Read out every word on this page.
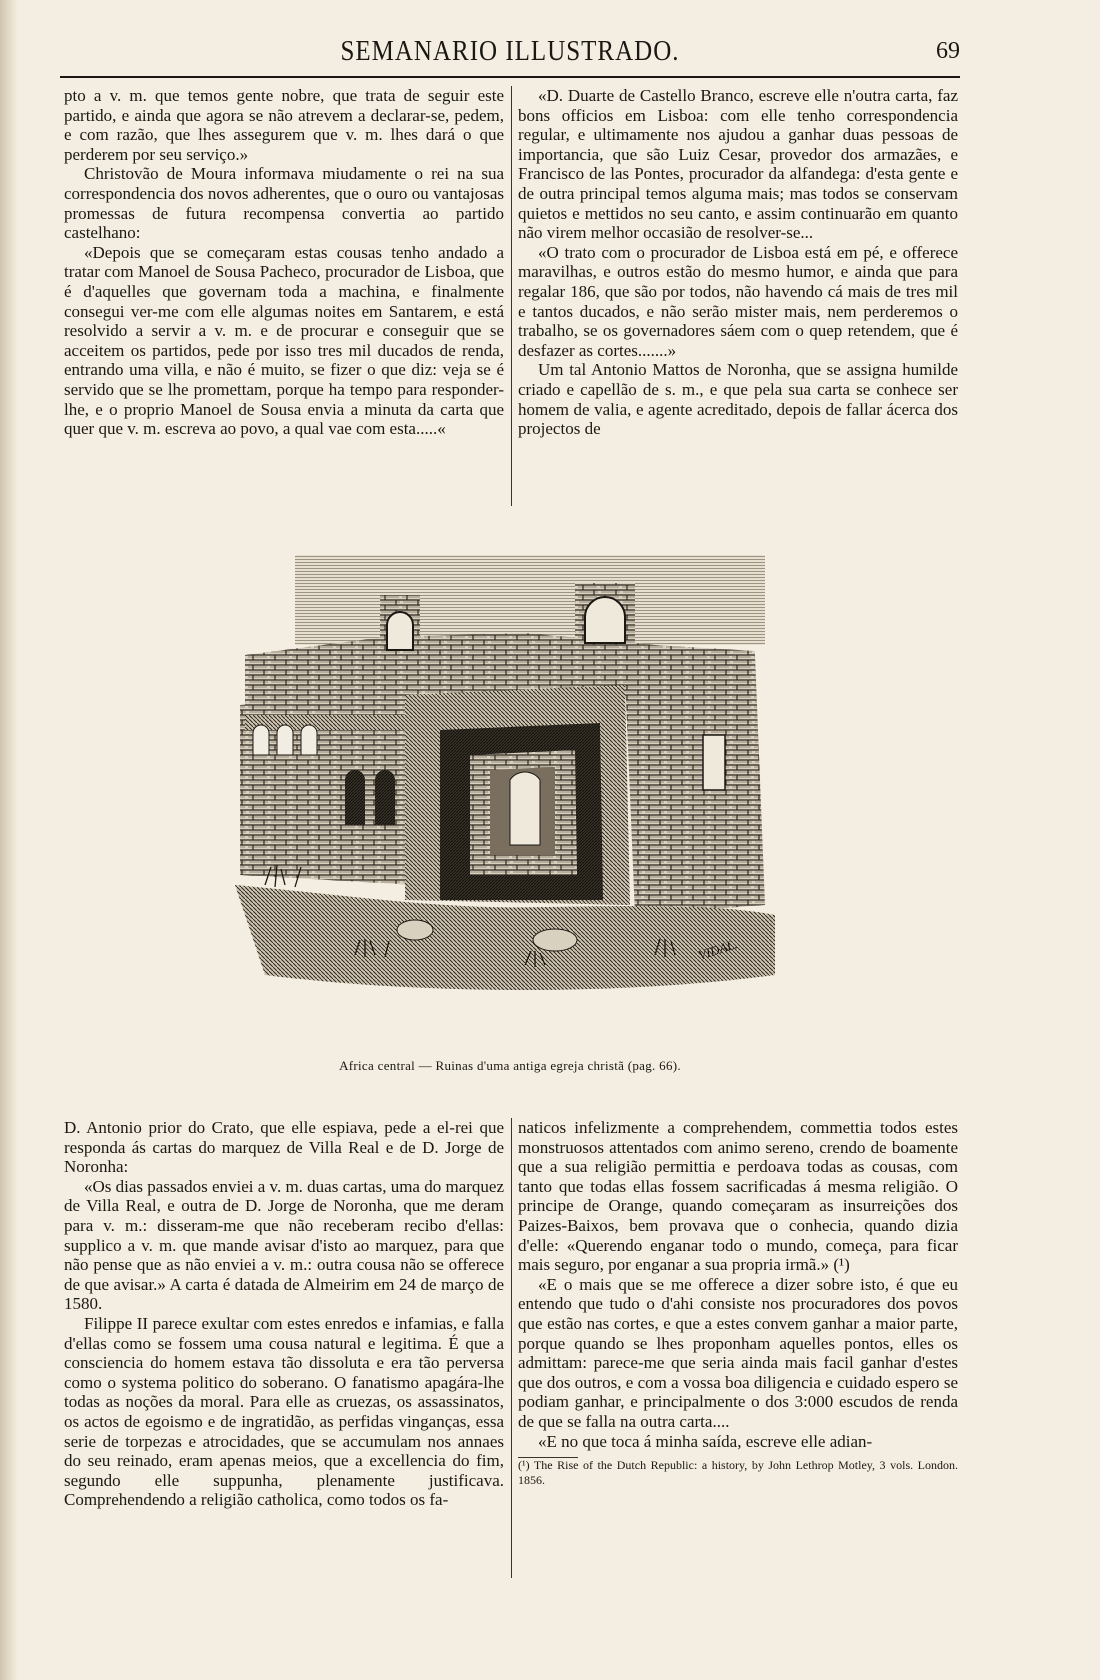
SEMANARIO ILLUSTRADO.	69

pto a v. m. que temos gente nobre, que trata de seguir este partido, e ainda que agora se não atrevem a declarar-se, pedem, e com razão, que lhes assegurem que v. m. lhes dará o que perderem por seu serviço.»

Christovão de Moura informava miudamente o rei na sua correspondencia dos novos adherentes, que o ouro ou vantajosas promessas de futura recompensa convertia ao partido castelhano:

«Depois que se começaram estas cousas tenho andado a tratar com Manoel de Sousa Pacheco, procurador de Lisboa, que é d'aquelles que governam toda a machina, e finalmente consegui ver-me com elle algumas noites em Santarem, e está resolvido a servir a v. m. e de procurar e conseguir que se acceitem os partidos, pede por isso tres mil ducados de renda, entrando uma villa, e não é muito, se fizer o que diz: veja se é servido que se lhe promettam, porque ha tempo para responder-lhe, e o proprio Manoel de Sousa envia a minuta da carta que quer que v. m. escreva ao povo, a qual vae com esta.....«

«D. Duarte de Castello Branco, escreve elle n'outra carta, faz bons officios em Lisboa: com elle tenho correspondencia regular, e ultimamente nos ajudou a ganhar duas pessoas de importancia, que são Luiz Cesar, provedor dos armazães, e Francisco de las Pontes, procurador da alfandega: d'esta gente e de outra principal temos alguma mais; mas todos se conservam quietos e mettidos no seu canto, e assim continuarão em quanto não virem melhor occasião de resolver-se...

«O trato com o procurador de Lisboa está em pé, e offerece maravilhas, e outros estão do mesmo humor, e ainda que para regalar 186, que são por todos, não havendo cá mais de tres mil e tantos ducados, e não serão mister mais, nem perderemos o trabalho, se os governadores sáem com o quep retendem, que é desfazer as cortes.......»

Um tal Antonio Mattos de Noronha, que se assigna humilde criado e capellão de s. m., e que pela sua carta se conhece ser homem de valia, e agente acreditado, depois de fallar ácerca dos projectos de

VIDAL.
Africa central — Ruinas d'uma antiga egreja christã (pag. 66).

D. Antonio prior do Crato, que elle espiava, pede a el-rei que responda ás cartas do marquez de Villa Real e de D. Jorge de Noronha:

«Os dias passados enviei a v. m. duas cartas, uma do marquez de Villa Real, e outra de D. Jorge de Noronha, que me deram para v. m.: disseram-me que não receberam recibo d'ellas: supplico a v. m. que mande avisar d'isto ao marquez, para que não pense que as não enviei a v. m.: outra cousa não se offerece de que avisar.» A carta é datada de Almeirim em 24 de março de 1580.

Filippe II parece exultar com estes enredos e infamias, e falla d'ellas como se fossem uma cousa natural e legitima. É que a consciencia do homem estava tão dissoluta e era tão perversa como o systema politico do soberano. O fanatismo apagára-lhe todas as noções da moral. Para elle as cruezas, os assassinatos, os actos de egoismo e de ingratidão, as perfidas vinganças, essa serie de torpezas e atrocidades, que se accumulam nos annaes do seu reinado, eram apenas meios, que a excellencia do fim, segundo elle suppunha, plenamente justificava. Comprehendendo a religião catholica, como todos os fa-

naticos infelizmente a comprehendem, commettia todos estes monstruosos attentados com animo sereno, crendo de boamente que a sua religião permittia e perdoava todas as cousas, com tanto que todas ellas fossem sacrificadas á mesma religião. O principe de Orange, quando começaram as insurreições dos Paizes-Baixos, bem provava que o conhecia, quando dizia d'elle: «Querendo enganar todo o mundo, começa, para ficar mais seguro, por enganar a sua propria irmã.» (¹)

«E o mais que se me offerece a dizer sobre isto, é que eu entendo que tudo o d'ahi consiste nos procuradores dos povos que estão nas cortes, e que a estes convem ganhar a maior parte, porque quando se lhes proponham aquelles pontos, elles os admittam: parece-me que seria ainda mais facil ganhar d'estes que dos outros, e com a vossa boa diligencia e cuidado espero se podiam ganhar, e principalmente o dos 3:000 escudos de renda de que se falla na outra carta....

«E no que toca á minha saída, escreve elle adian-

(¹) The Rise of the Dutch Republic: a history, by John Lethrop Motley, 3 vols. London. 1856.
